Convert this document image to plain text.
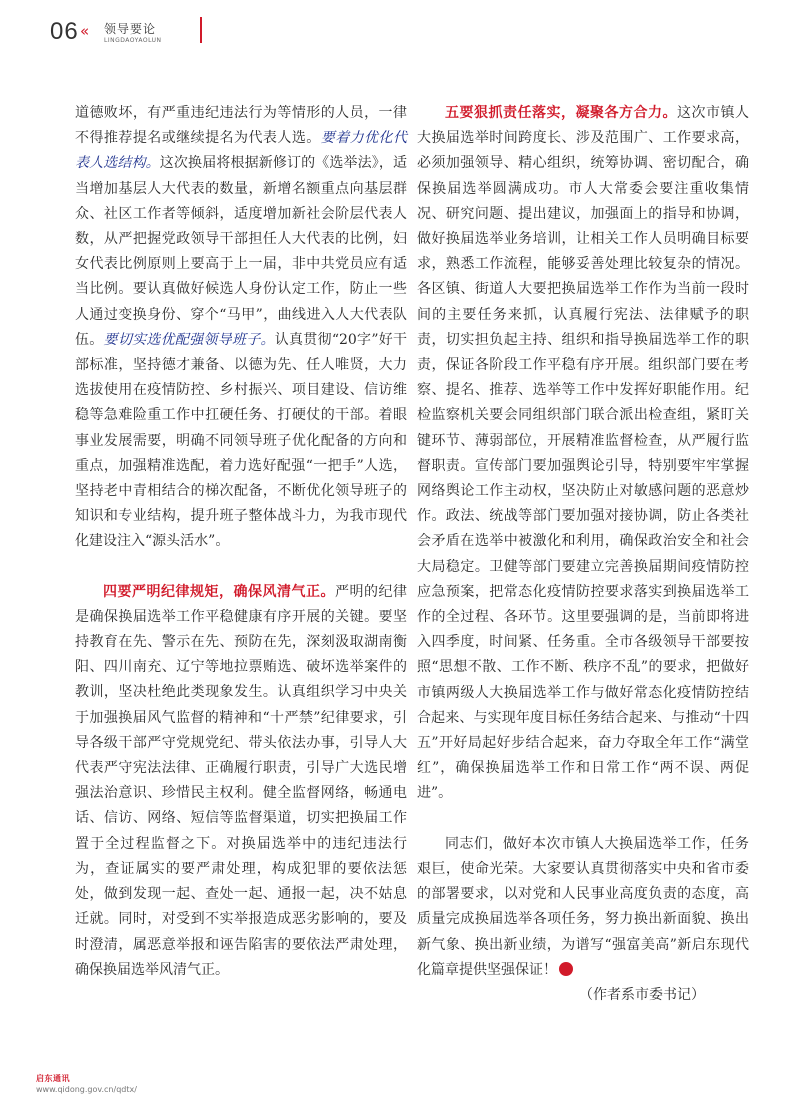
06 « 领导要论
LINGDAOYAOLUN

道德败坏，有严重违纪违法行为等情形的人员，一律不得推荐提名或继续提名为代表人选。要着力优化代表人选结构。这次换届将根据新修订的《选举法》，适当增加基层人大代表的数量，新增名额重点向基层群众、社区工作者等倾斜，适度增加新社会阶层代表人数，从严把握党政领导干部担任人大代表的比例，妇女代表比例原则上要高于上一届，非中共党员应有适当比例。要认真做好候选人身份认定工作，防止一些人通过变换身份、穿个“马甲”，曲线进入人大代表队伍。要切实选优配强领导班子。认真贯彻“20字”好干部标准，坚持德才兼备、以德为先、任人唯贤，大力选拔使用在疫情防控、乡村振兴、项目建设、信访维稳等急难险重工作中扛硬任务、打硬仗的干部。着眼事业发展需要，明确不同领导班子优化配备的方向和重点，加强精准选配，着力选好配强“一把手”人选，坚持老中青相结合的梯次配备，不断优化领导班子的知识和专业结构，提升班子整体战斗力，为我市现代化建设注入“源头活水”。

四要严明纪律规矩，确保风清气正。严明的纪律是确保换届选举工作平稳健康有序开展的关键。要坚持教育在先、警示在先、预防在先，深刻汲取湖南衡阳、四川南充、辽宁等地拉票贿选、破坏选举案件的教训，坚决杜绝此类现象发生。认真组织学习中央关于加强换届风气监督的精神和“十严禁”纪律要求，引导各级干部严守党规党纪、带头依法办事，引导人大代表严守宪法法律、正确履行职责，引导广大选民增强法治意识、珍惜民主权利。健全监督网络，畅通电话、信访、网络、短信等监督渠道，切实把换届工作置于全过程监督之下。对换届选举中的违纪违法行为，查证属实的要严肃处理，构成犯罪的要依法惩处，做到发现一起、查处一起、通报一起，决不姑息迁就。同时，对受到不实举报造成恶劣影响的，要及时澄清，属恶意举报和诬告陷害的要依法严肃处理，确保换届选举风清气正。

五要狠抓责任落实，凝聚各方合力。这次市镇人大换届选举时间跨度长、涉及范围广、工作要求高，必须加强领导、精心组织，统筹协调、密切配合，确保换届选举圆满成功。市人大常委会要注重收集情况、研究问题、提出建议，加强面上的指导和协调，做好换届选举业务培训，让相关工作人员明确目标要求，熟悉工作流程，能够妥善处理比较复杂的情况。各区镇、街道人大要把换届选举工作作为当前一段时间的主要任务来抓，认真履行宪法、法律赋予的职责，切实担负起主持、组织和指导换届选举工作的职责，保证各阶段工作平稳有序开展。组织部门要在考察、提名、推荐、选举等工作中发挥好职能作用。纪检监察机关要会同组织部门联合派出检查组，紧盯关键环节、薄弱部位，开展精准监督检查，从严履行监督职责。宣传部门要加强舆论引导，特别要牢牢掌握网络舆论工作主动权，坚决防止对敏感问题的恶意炒作。政法、统战等部门要加强对接协调，防止各类社会矛盾在选举中被激化和利用，确保政治安全和社会大局稳定。卫健等部门要建立完善换届期间疫情防控应急预案，把常态化疫情防控要求落实到换届选举工作的全过程、各环节。这里要强调的是，当前即将进入四季度，时间紧、任务重。全市各级领导干部要按照“思想不散、工作不断、秩序不乱”的要求，把做好市镇两级人大换届选举工作与做好常态化疫情防控结合起来、与实现年度目标任务结合起来、与推动“十四五”开好局起好步结合起来，奋力夺取全年工作“满堂红”，确保换届选举工作和日常工作“两不误、两促进”。

同志们，做好本次市镇人大换届选举工作，任务艰巨，使命光荣。大家要认真贯彻落实中央和省市委的部署要求，以对党和人民事业高度负责的态度，高质量完成换届选举各项任务，努力换出新面貌、换出新气象、换出新业绩，为谱写“强富美高”新启东现代化篇章提供坚强保证！

（作者系市委书记）

启东通讯
www.qidong.gov.cn/qdtx/
